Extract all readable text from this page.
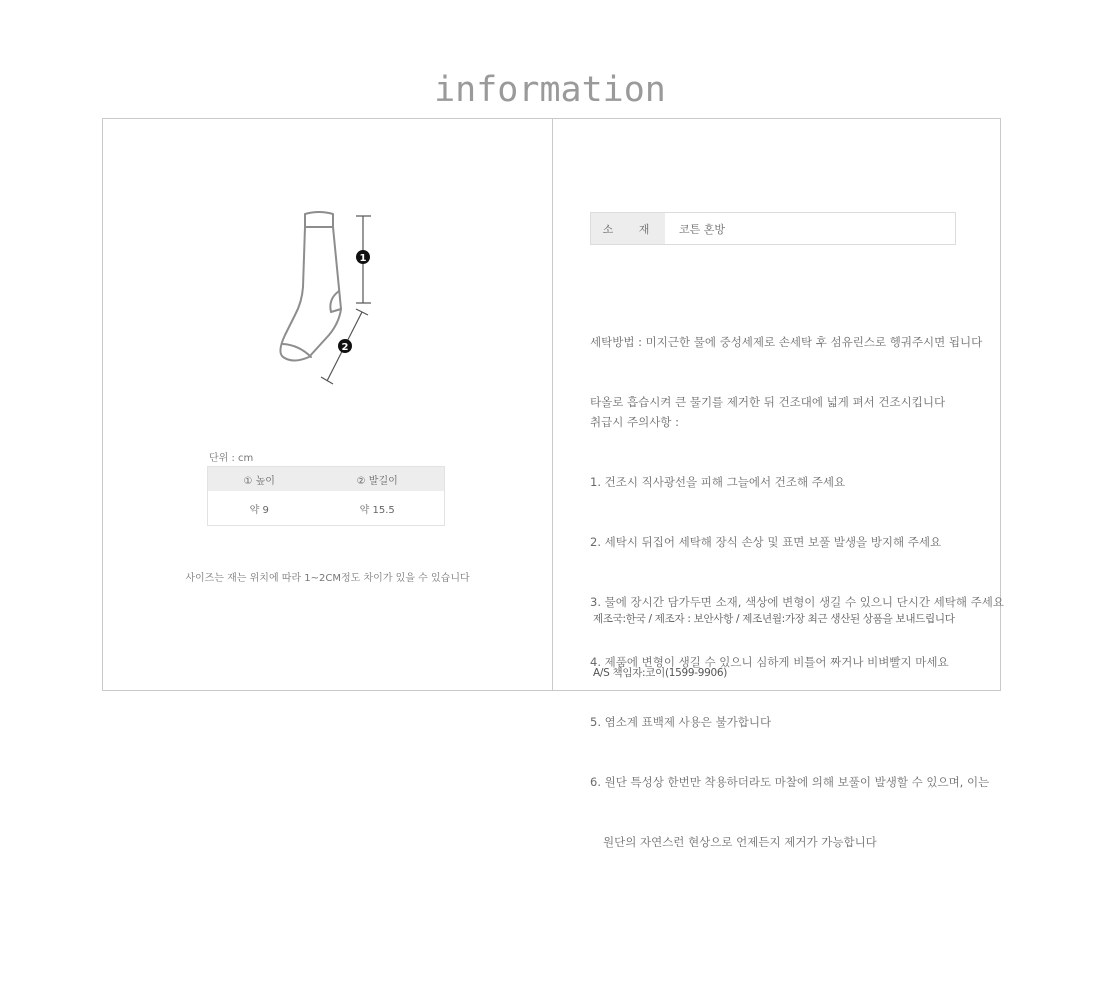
information
1
2
단위 : cm
① 높이	② 발길이
약 9	약 15.5
사이즈는 재는 위치에 따라 1~2CM정도 차이가 있을 수 있습니다
소 재	코튼 혼방

세탁방법 : 미지근한 물에 중성세제로 손세탁 후 섬유린스로 헹궈주시면 됩니다

타올로 흡습시켜 큰 물기를 제거한 뒤 건조대에 넓게 펴서 건조시킵니다

취급시 주의사항 :

1. 건조시 직사광선을 피해 그늘에서 건조해 주세요

2. 세탁시 뒤집어 세탁해 장식 손상 및 표면 보풀 발생을 방지해 주세요

3. 물에 장시간 담가두면 소재, 색상에 변형이 생길 수 있으니 단시간 세탁해 주세요

4. 제품에 변형이 생길 수 있으니 심하게 비틀어 짜거나 비벼빨지 마세요

5. 염소계 표백제 사용은 불가합니다

6. 원단 특성상 한번만 착용하더라도 마찰에 의해 보풀이 발생할 수 있으며, 이는

원단의 자연스런 현상으로 언제든지 제거가 가능합니다

제조국:한국 / 제조자 : 보안사항 / 제조년월:가장 최근 생산된 상품을 보내드립니다

A/S 책임자:코이(1599-9906)
